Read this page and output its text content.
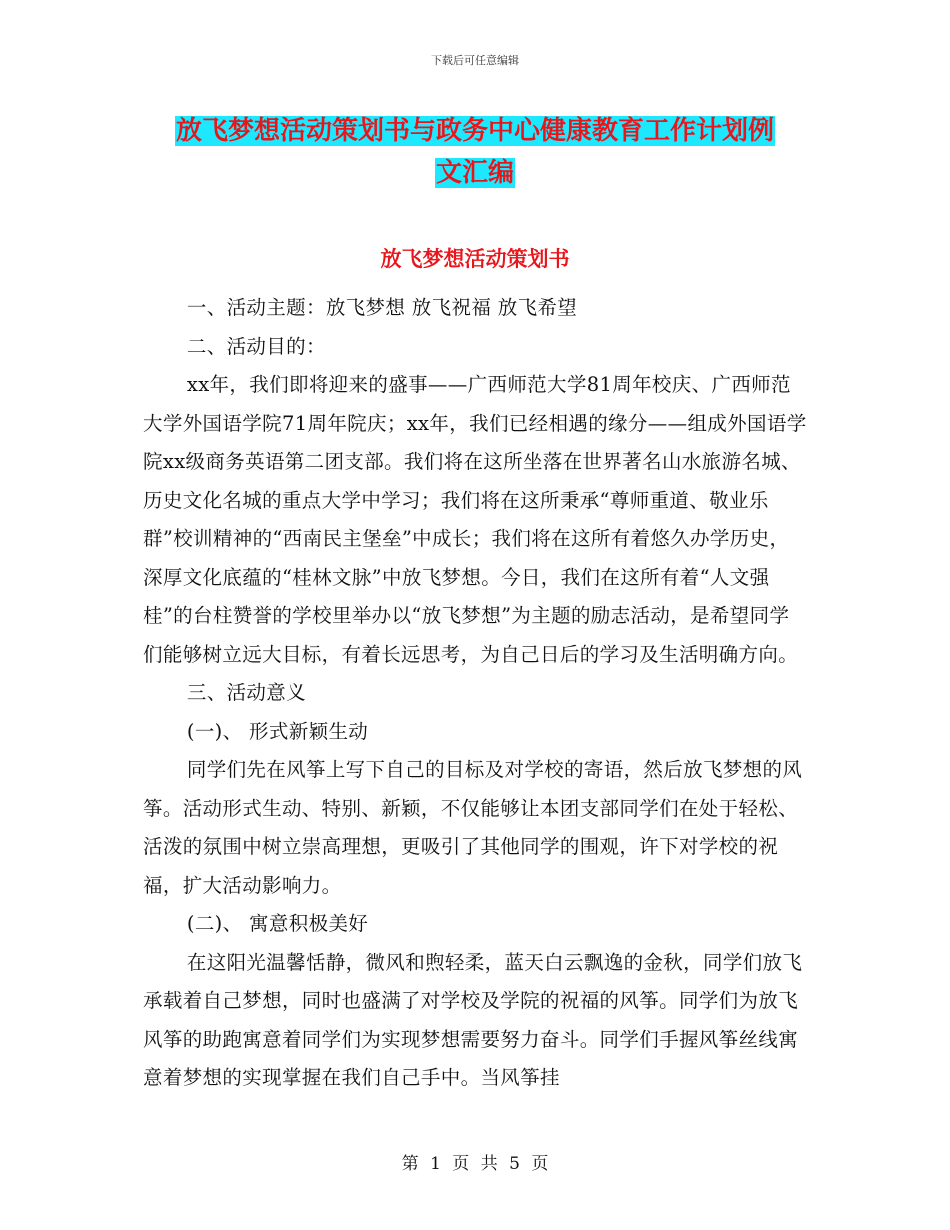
下载后可任意编辑
放飞梦想活动策划书与政务中心健康教育工作计划例
文汇编
放飞梦想活动策划书

一、活动主题：放飞梦想 放飞祝福 放飞希望

二、活动目的：

xx年，我们即将迎来的盛事——广西师范大学81周年校庆、广西师范大学外国语学院71周年院庆；xx年，我们已经相遇的缘分——组成外国语学院xx级商务英语第二团支部。我们将在这所坐落在世界著名山水旅游名城、历史文化名城的重点大学中学习；我们将在这所秉承“尊师重道、敬业乐群”校训精神的“西南民主堡垒”中成长；我们将在这所有着悠久办学历史，深厚文化底蕴的“桂林文脉”中放飞梦想。今日，我们在这所有着“人文强桂”的台柱赞誉的学校里举办以“放飞梦想”为主题的励志活动，是希望同学们能够树立远大目标，有着长远思考，为自己日后的学习及生活明确方向。

三、活动意义

(一)、 形式新颖生动

同学们先在风筝上写下自己的目标及对学校的寄语，然后放飞梦想的风筝。活动形式生动、特别、新颖，不仅能够让本团支部同学们在处于轻松、活泼的氛围中树立崇高理想，更吸引了其他同学的围观，许下对学校的祝福，扩大活动影响力。

(二)、 寓意积极美好

在这阳光温馨恬静，微风和煦轻柔，蓝天白云飘逸的金秋，同学们放飞承载着自己梦想，同时也盛满了对学校及学院的祝福的风筝。同学们为放飞风筝的助跑寓意着同学们为实现梦想需要努力奋斗。同学们手握风筝丝线寓意着梦想的实现掌握在我们自己手中。当风筝挂

第 1 页 共 5 页
